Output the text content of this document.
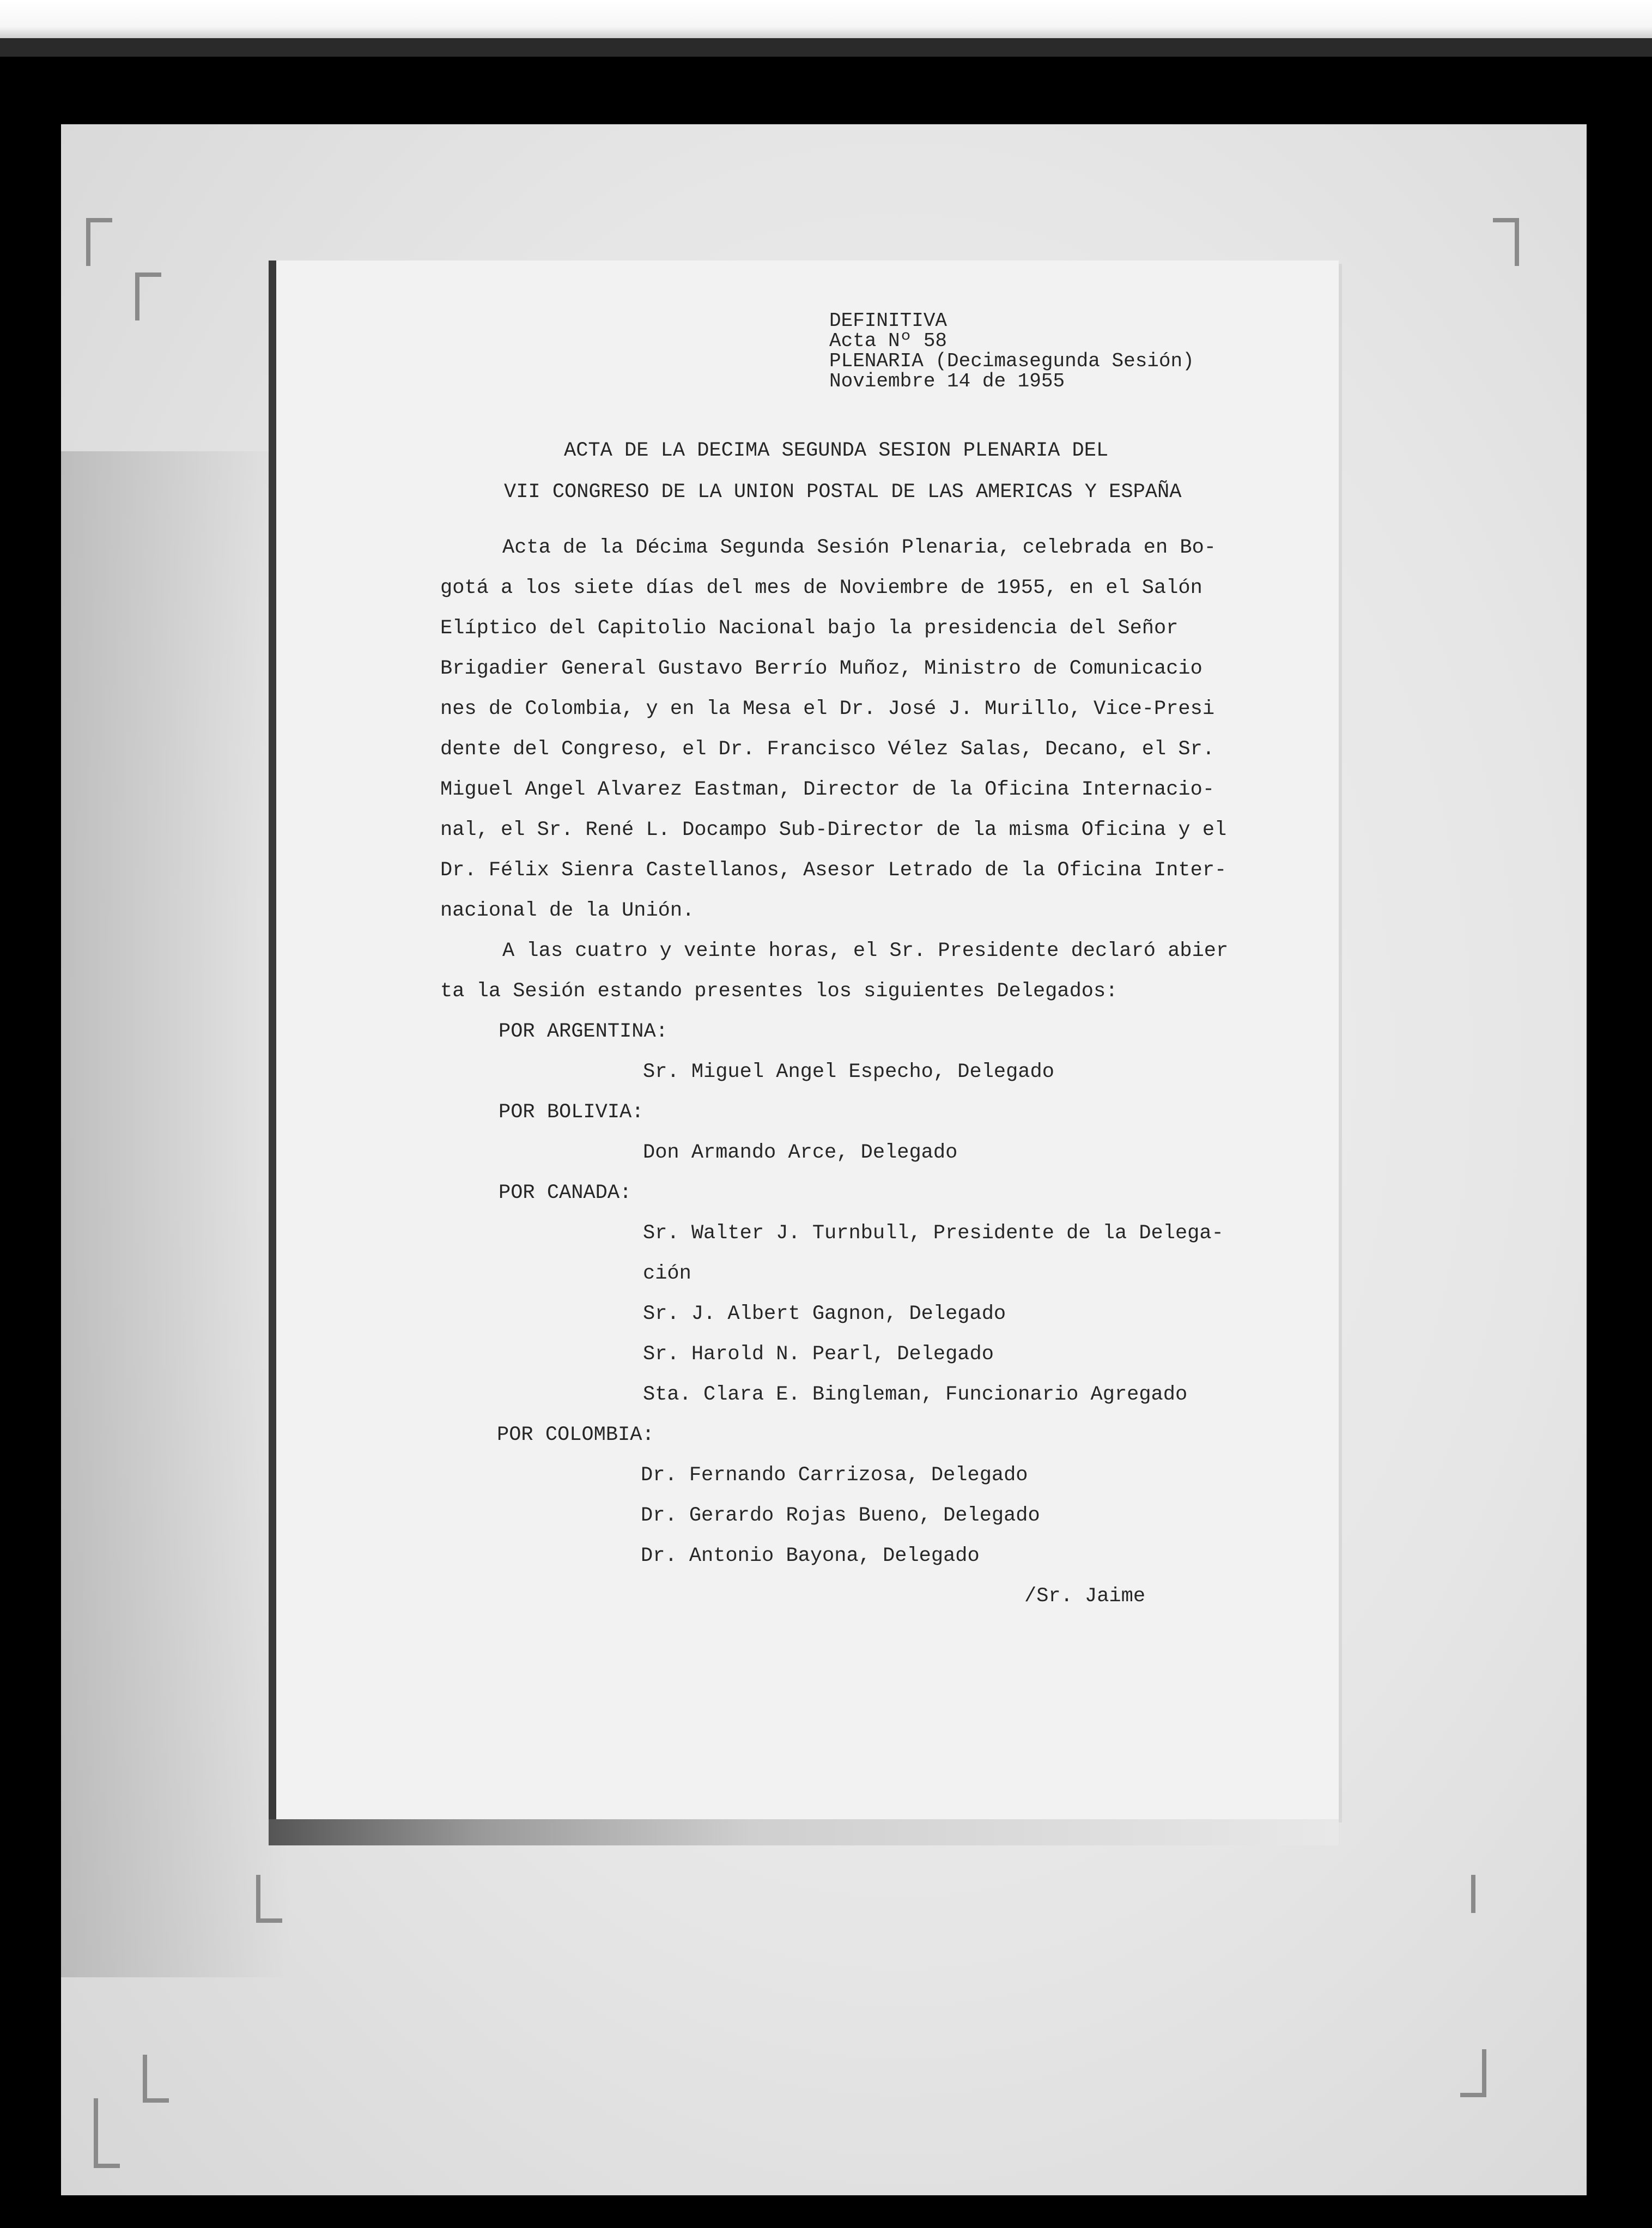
DEFINITIVA
Acta Nº 58
PLENARIA (Decimasegunda Sesión)
Noviembre 14 de 1955
ACTA DE LA DECIMA SEGUNDA SESION PLENARIA DEL
VII CONGRESO DE LA UNION POSTAL DE LAS AMERICAS Y ESPAÑA
Acta de la Décima Segunda Sesión Plenaria, celebrada en Bo-
gotá a los siete días del mes de Noviembre de 1955, en el Salón
Elíptico del Capitolio Nacional bajo la presidencia del Señor
Brigadier General Gustavo Berrío Muñoz, Ministro de Comunicacio
nes de Colombia, y en la Mesa el Dr. José J. Murillo, Vice-Presi
dente del Congreso, el Dr. Francisco Vélez Salas, Decano, el Sr.
Miguel Angel Alvarez Eastman, Director de la Oficina Internacio-
nal, el Sr. René L. Docampo Sub-Director de la misma Oficina y el
Dr. Félix Sienra Castellanos, Asesor Letrado de la Oficina Inter-
nacional de la Unión.
A las cuatro y veinte horas, el Sr. Presidente declaró abier
ta la Sesión estando presentes los siguientes Delegados:
POR ARGENTINA:
Sr. Miguel Angel Especho, Delegado
POR BOLIVIA:
Don Armando Arce, Delegado
POR CANADA:
Sr. Walter J. Turnbull, Presidente de la Delega-
ción
Sr. J. Albert Gagnon, Delegado
Sr. Harold N. Pearl, Delegado
Sta. Clara E. Bingleman, Funcionario Agregado
POR COLOMBIA:
Dr. Fernando Carrizosa, Delegado
Dr. Gerardo Rojas Bueno, Delegado
Dr. Antonio Bayona, Delegado
/Sr. Jaime
